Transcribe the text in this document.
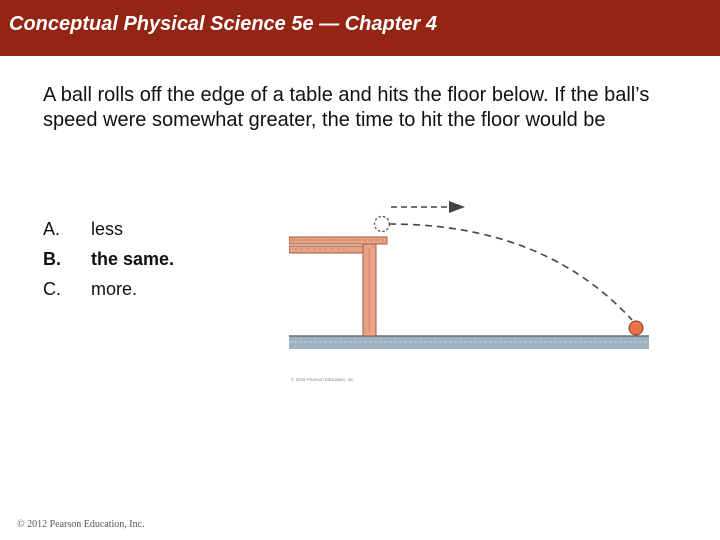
Conceptual Physical Science 5e — Chapter 4
A ball rolls off the edge of a table and hits the floor below. If the ball’s speed were somewhat greater, the time to hit the floor would be
A. less
B. the same.
C. more.
© 2016 Pearson Education, Inc.
© 2012 Pearson Education, Inc.
